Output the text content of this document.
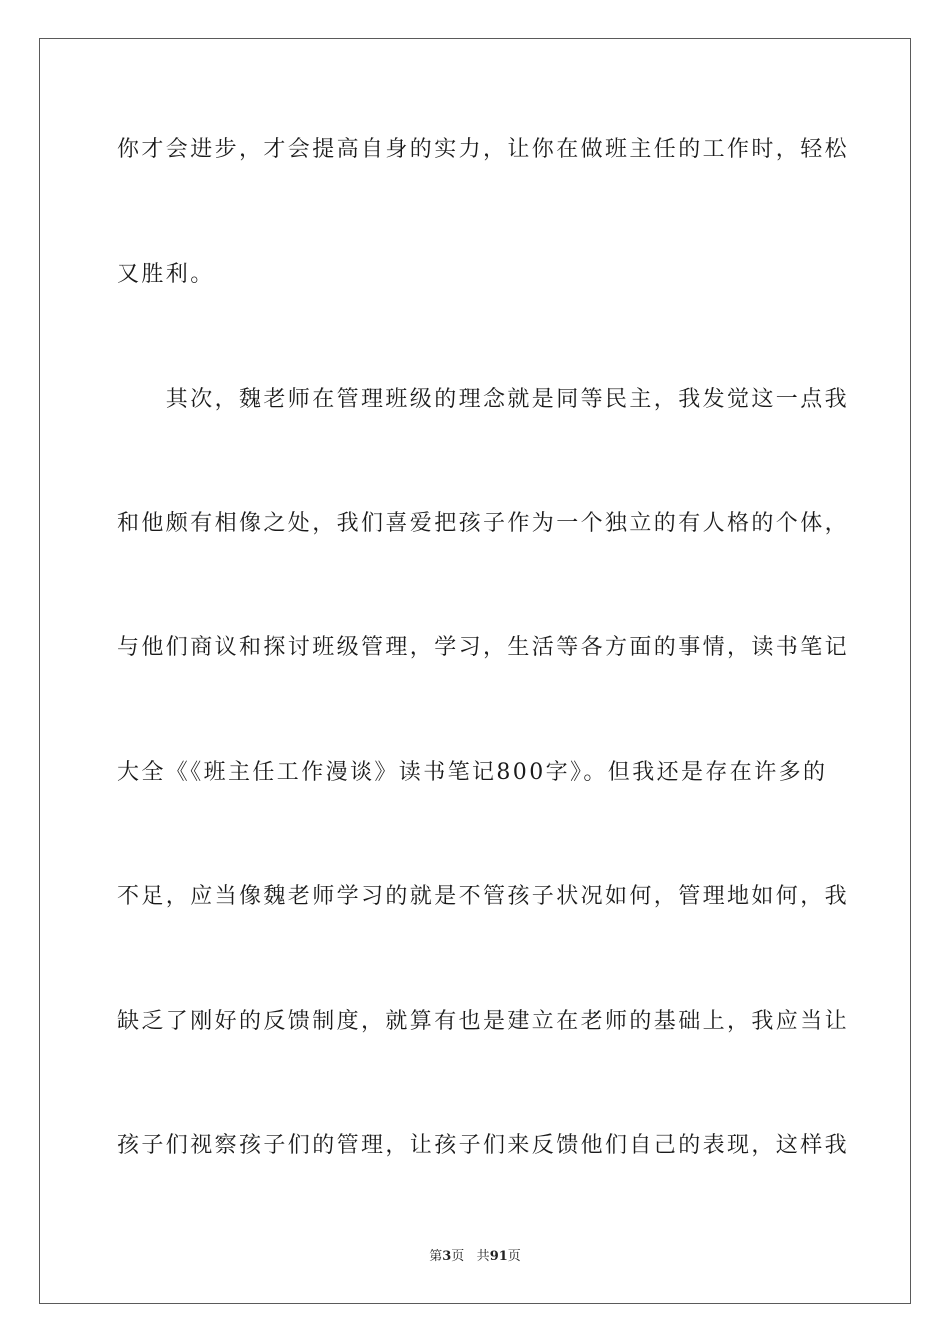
你才会进步，才会提高自身的实力，让你在做班主任的工作时，轻松
又胜利。
　　其次，魏老师在管理班级的理念就是同等民主，我发觉这一点我
和他颇有相像之处，我们喜爱把孩子作为一个独立的有人格的个体，
与他们商议和探讨班级管理，学习，生活等各方面的事情，读书笔记
大全《《班主任工作漫谈》读书笔记800字》。但我还是存在许多的
不足，应当像魏老师学习的就是不管孩子状况如何，管理地如何，我
缺乏了刚好的反馈制度，就算有也是建立在老师的基础上，我应当让
孩子们视察孩子们的管理，让孩子们来反馈他们自己的表现，这样我
第3页 共91页
